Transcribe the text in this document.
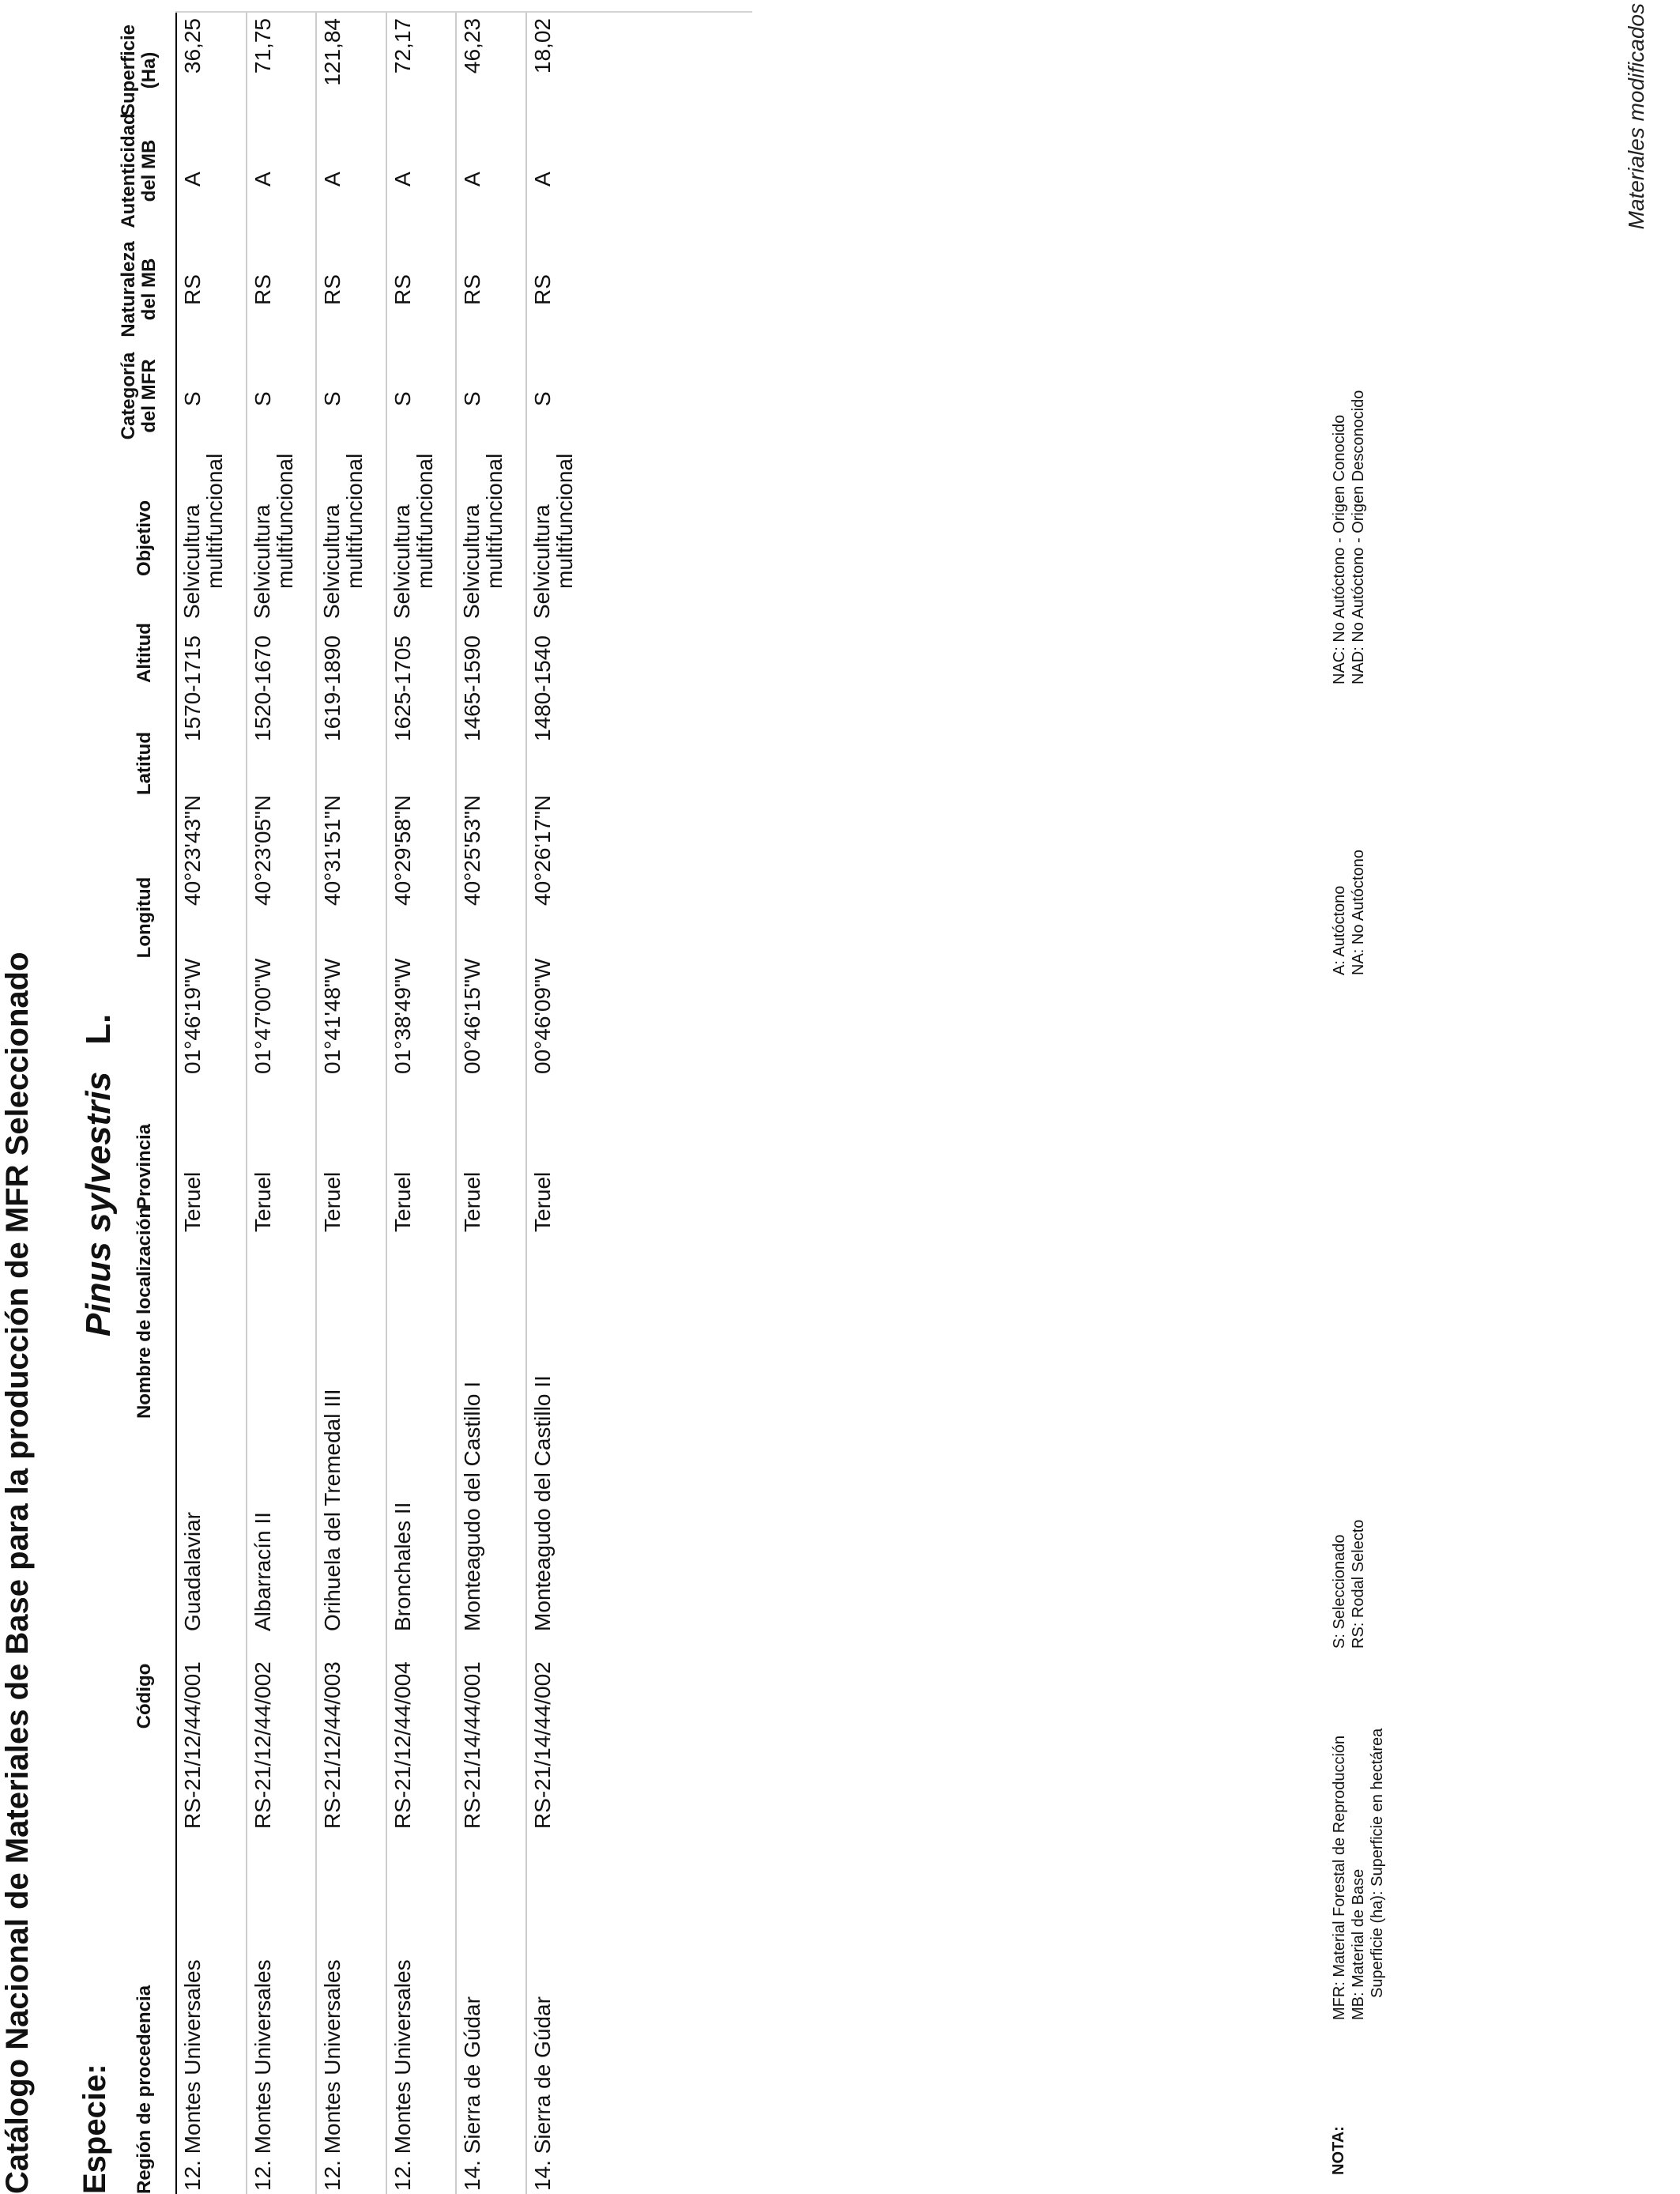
Catálogo Nacional de Materiales de Base para la producción de MFR Seleccionado
Materiales modificados
Especie:
Pinus sylvestrisL.
Región de procedencia
Código
Nombre de localización
Provincia
Longitud
Latitud
Altitud
Objetivo
Categoría del MFR
Naturaleza del MB
Autenticidad del MB
Superficie (Ha)
12. Montes Universales
RS-21/12/44/001
Guadalaviar
Teruel
01°46'19"W
40°23'43"N
1570-1715
Selvicultura
multifuncional
S
RS
A
36,25
12. Montes Universales
RS-21/12/44/002
Albarracín II
Teruel
01°47'00"W
40°23'05"N
1520-1670
Selvicultura
multifuncional
S
RS
A
71,75
12. Montes Universales
RS-21/12/44/003
Orihuela del Tremedal III
Teruel
01°41'48"W
40°31'51"N
1619-1890
Selvicultura
multifuncional
S
RS
A
121,84
12. Montes Universales
RS-21/12/44/004
Bronchales II
Teruel
01°38'49"W
40°29'58"N
1625-1705
Selvicultura
multifuncional
S
RS
A
72,17
14. Sierra de Gúdar
RS-21/14/44/001
Monteagudo del Castillo I
Teruel
00°46'15"W
40°25'53"N
1465-1590
Selvicultura
multifuncional
S
RS
A
46,23
14. Sierra de Gúdar
RS-21/14/44/002
Monteagudo del Castillo II
Teruel
00°46'09"W
40°26'17"N
1480-1540
Selvicultura
multifuncional
S
RS
A
18,02
NOTA:
MFR: Material Forestal de Reproducción MB: Material de Base Superficie (ha): Superficie en hectárea
S: Seleccionado RS: Rodal Selecto
A: Autóctono NA: No Autóctono
NAC: No Autóctono - Origen Conocido NAD: No Autóctono - Origen Desconocido
